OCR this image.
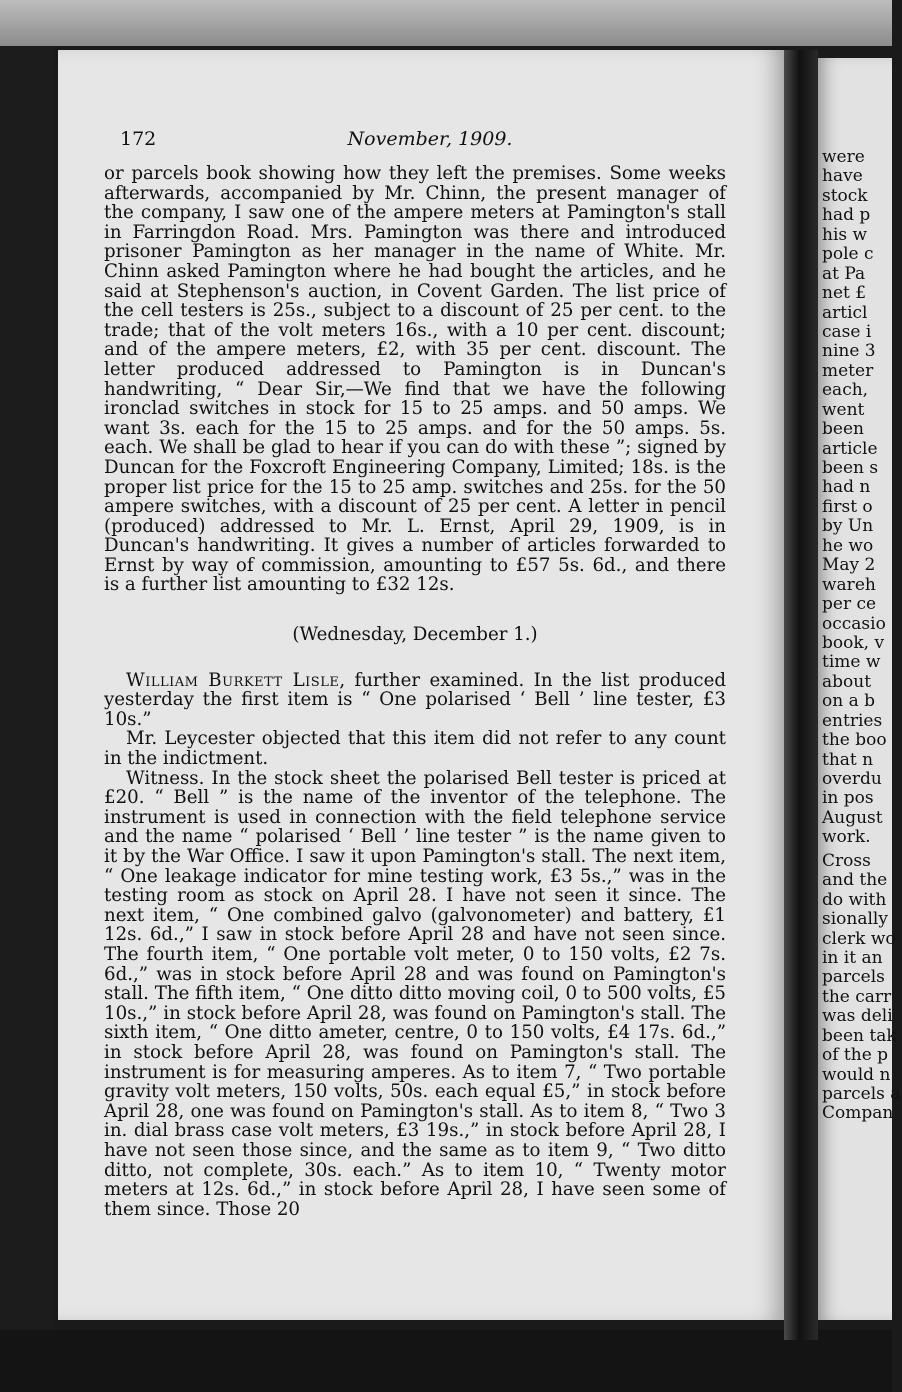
were
have
stock
had p
his w
pole c
at Pa
net £
articl
case i
nine 3
meter
each,
went
been
article
been s
had n
first o
by Un
he wo
May 2
wareh
per ce
occasio
book, v
time w
about
on a b
entries
the boo
that n
overdu
in pos
August
work.
Cross
and the
do with
sionally
clerk wo
in it an
parcels
the carr
was deli
been tak
of the p
would n
parcels a
Compan
172	November, 1909.

or parcels book showing how they left the premises. Some weeks afterwards, accompanied by Mr. Chinn, the present manager of the company, I saw one of the ampere meters at Pamington's stall in Farringdon Road. Mrs. Pamington was there and introduced prisoner Pamington as her manager in the name of White. Mr. Chinn asked Pamington where he had bought the articles, and he said at Stephenson's auction, in Covent Garden. The list price of the cell testers is 25s., subject to a discount of 25 per cent. to the trade; that of the volt meters 16s., with a 10 per cent. discount; and of the ampere meters, £2, with 35 per cent. discount. The letter produced addressed to Pamington is in Duncan's handwriting, “ Dear Sir,—We find that we have the following ironclad switches in stock for 15 to 25 amps. and 50 amps. We want 3s. each for the 15 to 25 amps. and for the 50 amps. 5s. each. We shall be glad to hear if you can do with these ”; signed by Duncan for the Foxcroft Engineering Company, Limited; 18s. is the proper list price for the 15 to 25 amp. switches and 25s. for the 50 ampere switches, with a discount of 25 per cent. A letter in pencil (produced) addressed to Mr. L. Ernst, April 29, 1909, is in Duncan's handwriting. It gives a number of articles forwarded to Ernst by way of commission, amounting to £57 5s. 6d., and there is a further list amounting to £32 12s.

(Wednesday, December 1.)

William Burkett Lisle, further examined. In the list produced yesterday the first item is “ One polarised ‘ Bell ’ line tester, £3 10s.”

Mr. Leycester objected that this item did not refer to any count in the indictment.

Witness. In the stock sheet the polarised Bell tester is priced at £20. “ Bell ” is the name of the inventor of the telephone. The instrument is used in connection with the field telephone service and the name “ polarised ‘ Bell ’ line tester ” is the name given to it by the War Office. I saw it upon Pamington's stall. The next item, “ One leakage indicator for mine testing work, £3 5s.,” was in the testing room as stock on April 28. I have not seen it since. The next item, “ One combined galvo (galvonometer) and battery, £1 12s. 6d.,” I saw in stock before April 28 and have not seen since. The fourth item, “ One portable volt meter, 0 to 150 volts, £2 7s. 6d.,” was in stock before April 28 and was found on Pamington's stall. The fifth item, “ One ditto ditto moving coil, 0 to 500 volts, £5 10s.,” in stock before April 28, was found on Pamington's stall. The sixth item, “ One ditto ameter, centre, 0 to 150 volts, £4 17s. 6d.,” in stock before April 28, was found on Pamington's stall. The instrument is for measuring amperes. As to item 7, “ Two portable gravity volt meters, 150 volts, 50s. each equal £5,” in stock before April 28, one was found on Pamington's stall. As to item 8, “ Two 3 in. dial brass case volt meters, £3 19s.,” in stock before April 28, I have not seen those since, and the same as to item 9, “ Two ditto ditto, not complete, 30s. each.” As to item 10, “ Twenty motor meters at 12s. 6d.,” in stock before April 28, I have seen some of them since. Those 20
